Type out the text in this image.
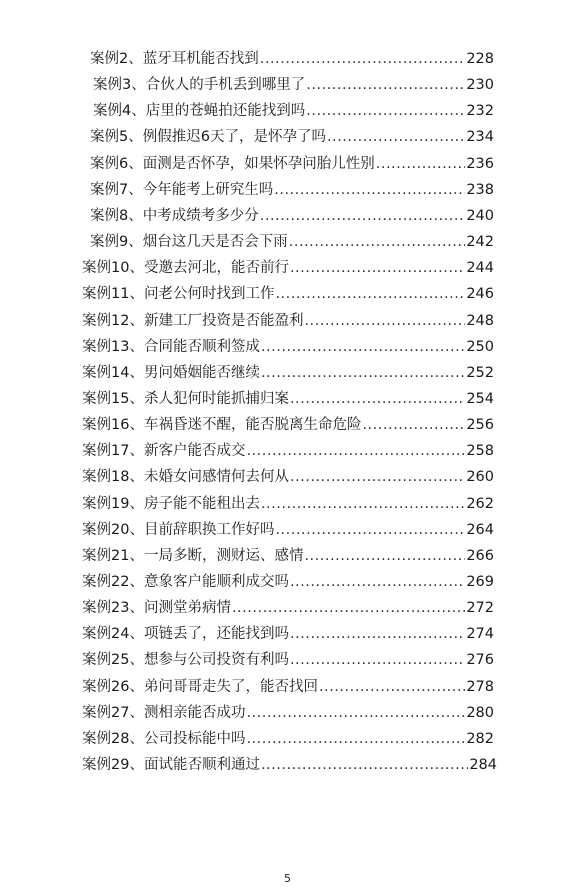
案例2、蓝牙耳机能否找到 .....	228
案例3、合伙人的手机丢到哪里了 .....	230
案例4、店里的苍蝇拍还能找到吗 .....	232
案例5、例假推迟6天了，是怀孕了吗 .....	234
案例6、面测是否怀孕，如果怀孕问胎儿性别 .....	236
案例7、今年能考上研究生吗 .....	238
案例8、中考成绩考多少分 .....	240
案例9、烟台这几天是否会下雨 .....	242
案例10、受邀去河北，能否前行 .....	244
案例11、问老公何时找到工作 .....	246
案例12、新建工厂投资是否能盈利 .....	248
案例13、合同能否顺利签成 .....	250
案例14、男问婚姻能否继续 .....	252
案例15、杀人犯何时能抓捕归案 .....	254
案例16、车祸昏迷不醒，能否脱离生命危险 .....	256
案例17、新客户能否成交 .....	258
案例18、未婚女问感情何去何从 .....	260
案例19、房子能不能租出去 .....	262
案例20、目前辞职换工作好吗 .....	264
案例21、一局多断，测财运、感情 .....	266
案例22、意象客户能顺利成交吗 .....	269
案例23、问测堂弟病情 .....	272
案例24、项链丢了，还能找到吗 .....	274
案例25、想参与公司投资有利吗 .....	276
案例26、弟问哥哥走失了，能否找回 .....	278
案例27、测相亲能否成功 .....	280
案例28、公司投标能中吗 .....	282
案例29、面试能否顺利通过 .....	284
5
